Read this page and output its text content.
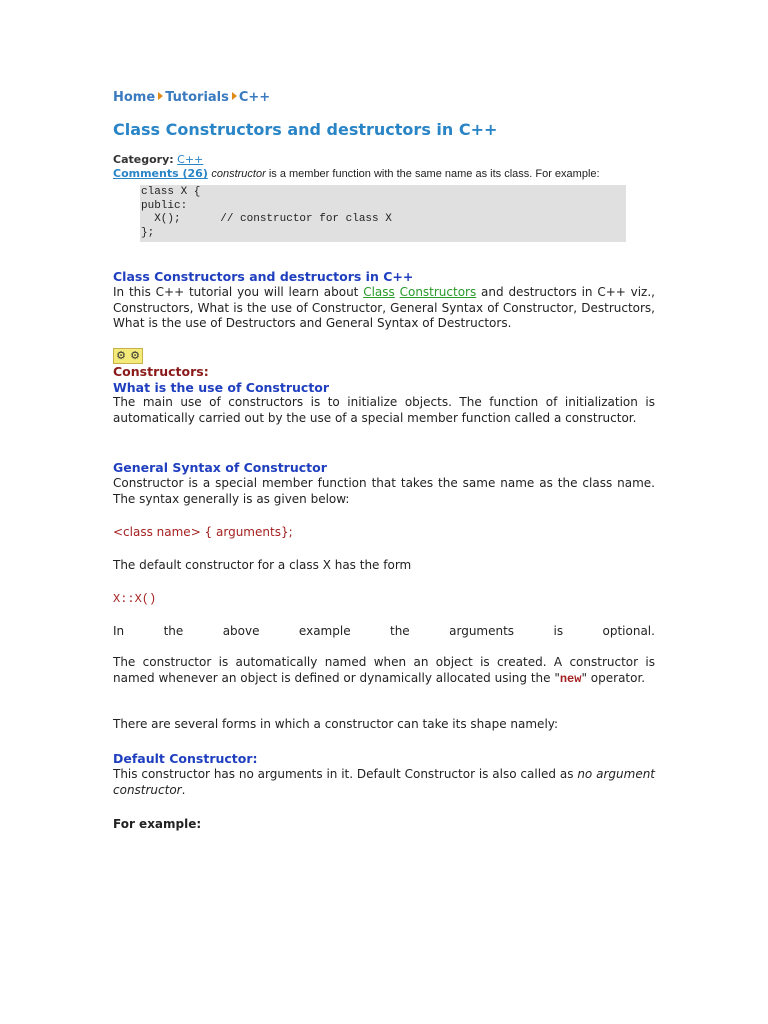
Home Tutorials C++
Class Constructors and destructors in C++
Category: C++
Comments (26) constructor is a member function with the same name as its class. For example:
class X {
public:
X();      // constructor for class X
};
Class Constructors and destructors in C++

In this C++ tutorial you will learn about Class Constructors and destructors in C++ viz., Constructors, What is the use of Constructor, General Syntax of Constructor, Destructors, What is the use of Destructors and General Syntax of Destructors.

⚙ ⚙
Constructors:
What is the use of Constructor

The main use of constructors is to initialize objects. The function of initialization is automatically carried out by the use of a special member function called a constructor.

General Syntax of Constructor

Constructor is a special member function that takes the same name as the class name. The syntax generally is as given below:

<class name> { arguments};

The default constructor for a class X has the form

X::X()

In	the	above	example	the	arguments	is	optional.

The constructor is automatically named when an object is created. A constructor is named whenever an object is defined or dynamically allocated using the "new" operator.

There are several forms in which a constructor can take its shape namely:

Default Constructor:

This constructor has no arguments in it. Default Constructor is also called as no argument constructor.

For example:
